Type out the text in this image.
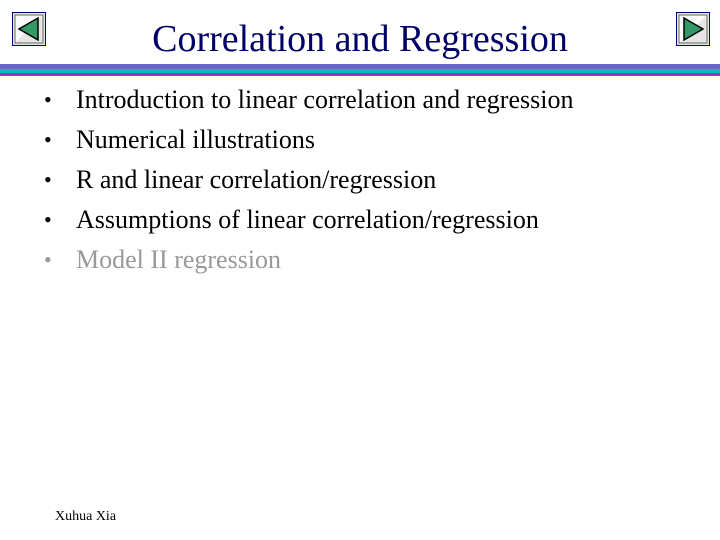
Correlation and Regression
• Introduction to linear correlation and regression
• Numerical illustrations
• R and linear correlation/regression
• Assumptions of linear correlation/regression
• Model II regression
Xuhua Xia
